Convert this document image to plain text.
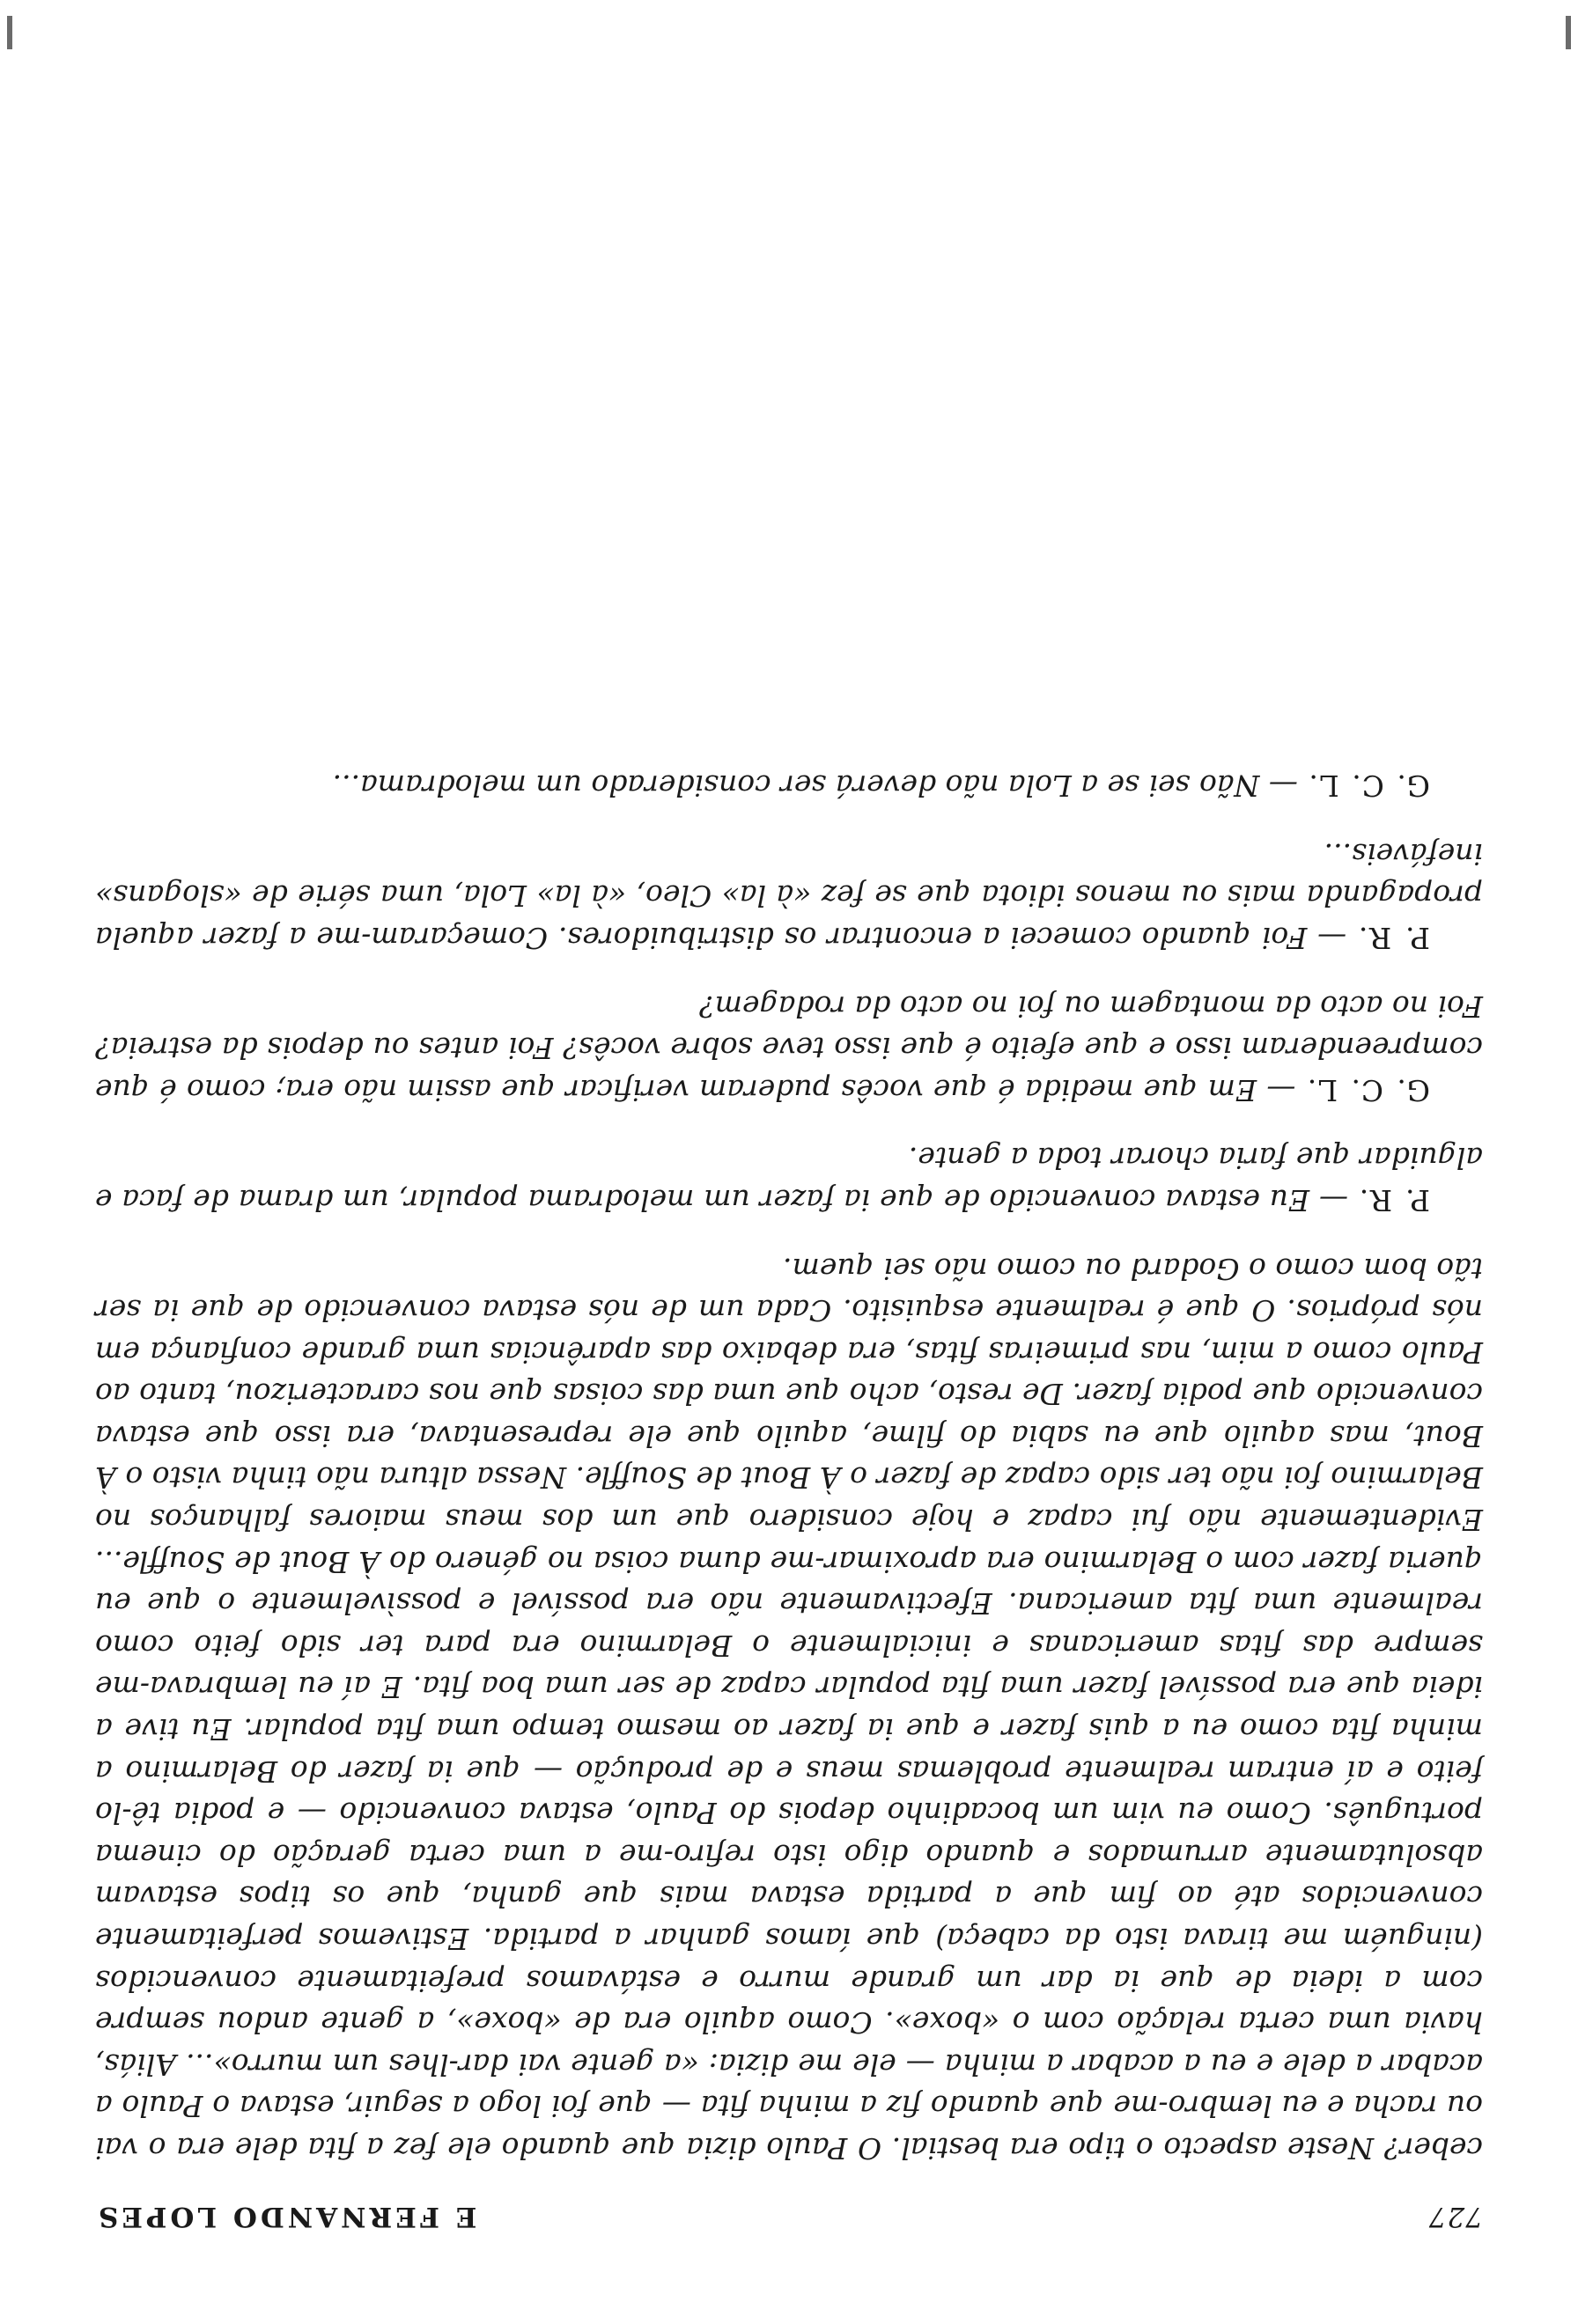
727
E FERNANDO LOPES

ceber? Neste aspecto o tipo era bestial. O Paulo dizia que quando ele fez a fita dele era o vai ou racha e eu lembro-me que quando fiz a minha fita — que foi logo a seguir, estava o Paulo a acabar a dele e eu a acabar a minha — ele me dizia: «a gente vai dar-lhes um murro»... Aliás, havia uma certa relação com o «boxe». Como aquilo era de «boxe», a gente andou sempre com a ideia de que ia dar um grande murro e estávamos prefeitamente convencidos (ninguém me tirava isto da cabeça) que íamos ganhar a partida. Estivemos perfeitamente convencidos até ao fim que a partida estava mais que ganha, que os tipos estavam absolutamente arrumados e quando digo isto refiro-me a uma certa geração do cinema português. Como eu vim um bocadinho depois do Paulo, estava convencido — e podia tê-lo feito e aí entram realmente problemas meus e de produção — que ia fazer do Belarmino a minha fita como eu a quis fazer e que ia fazer ao mesmo tempo uma fita popular. Eu tive a ideia que era possível fazer uma fita popular capaz de ser uma boa fita. E aí eu lembrava-me sempre das fitas americanas e inicialmente o Belarmino era para ter sido feito como realmente uma fita americana. Efectivamente não era possível e possìvelmente o que eu queria fazer com o Belarmino era aproximar-me duma coisa no género do À Bout de Souffle... Evidentemente não fui capaz e hoje considero que um dos meus maiores falhanços no Belarmino foi não ter sido capaz de fazer o À Bout de Souffle. Nessa altura não tinha visto o À Bout, mas aquilo que eu sabia do filme, aquilo que ele representava, era isso que estava convencido que podia fazer. De resto, acho que uma das coisas que nos caracterizou, tanto ao Paulo como a mim, nas primeiras fitas, era debaixo das aparências uma grande confiança em nós próprios. O que é realmente esquisito. Cada um de nós estava convencido de que ia ser tão bom como o Godard ou como não sei quem.

P. R. — Eu estava convencido de que ia fazer um melodrama popular, um drama de faca e alguidar que faria chorar toda a gente.

G. C. L. — Em que medida é que vocês puderam verificar que assim não era; como é que compreenderam isso e que efeito é que isso teve sobre vocês? Foi antes ou depois da estreia? Foi no acto da montagem ou foi no acto da rodagem?

P. R. — Foi quando comecei a encontrar os distribuidores. Começaram-me a fazer aquela propaganda mais ou menos idiota que se fez «à la» Cleo, «à la» Lola, uma série de «slogans» inefáveis...

G. C. L. — Não sei se a Lola não deverá ser considerado um melodrama...
